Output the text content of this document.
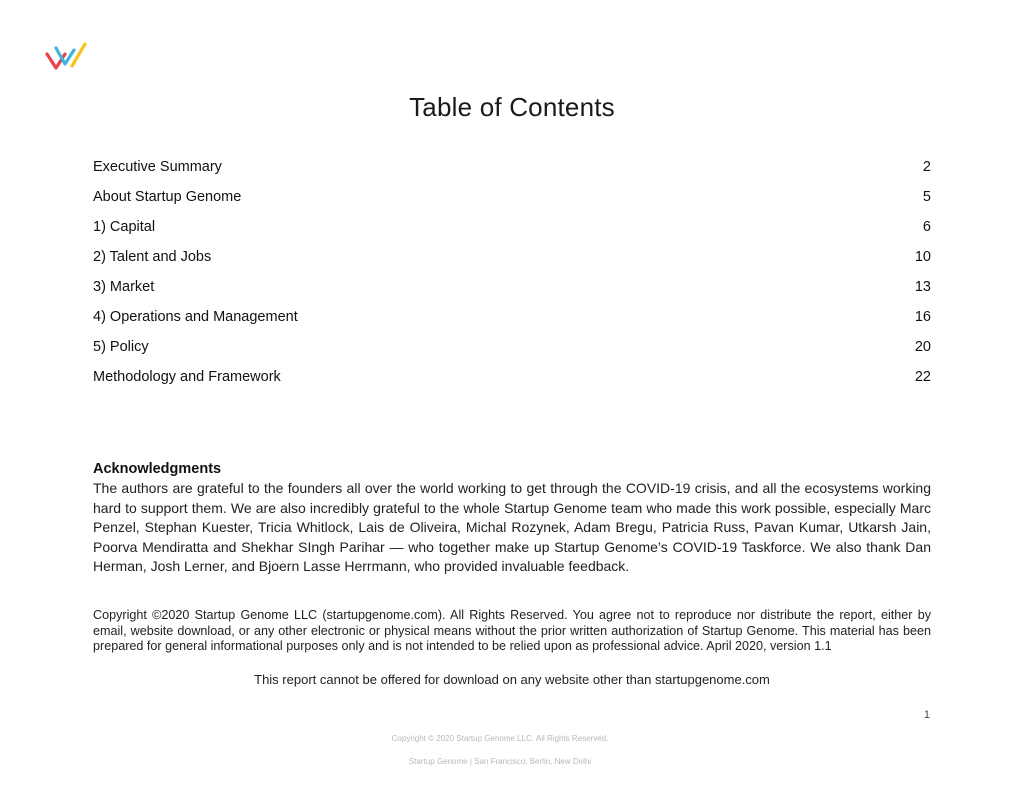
Table of Contents
Executive Summary	2
About Startup Genome	5
1) Capital	6
2) Talent and Jobs	10
3) Market	13
4) Operations and Management	16
5) Policy	20
Methodology and Framework	22
Acknowledgments
The authors are grateful to the founders all over the world working to get through the COVID-19 crisis, and all the ecosystems working hard to support them. We are also incredibly grateful to the whole Startup Genome team who made this work possible, especially Marc Penzel, Stephan Kuester, Tricia Whitlock, Lais de Oliveira, Michal Rozynek, Adam Bregu, Patricia Russ, Pavan Kumar, Utkarsh Jain, Poorva Mendiratta and Shekhar SIngh Parihar — who together make up Startup Genome’s COVID-19 Taskforce. We also thank Dan Herman, Josh Lerner, and Bjoern Lasse Herrmann, who provided invaluable feedback.
Copyright ©2020 Startup Genome LLC (startupgenome.com). All Rights Reserved. You agree not to reproduce nor distribute the report, either by email, website download, or any other electronic or physical means without the prior written authorization of Startup Genome. This material has been prepared for general informational purposes only and is not intended to be relied upon as professional advice. April 2020, version 1.1
This report cannot be offered for download on any website other than startupgenome.com
1
Copyright © 2020 Startup Genome LLC. All Rights Reserved.
Startup Genome | San Francisco, Berlin, New Delhi
